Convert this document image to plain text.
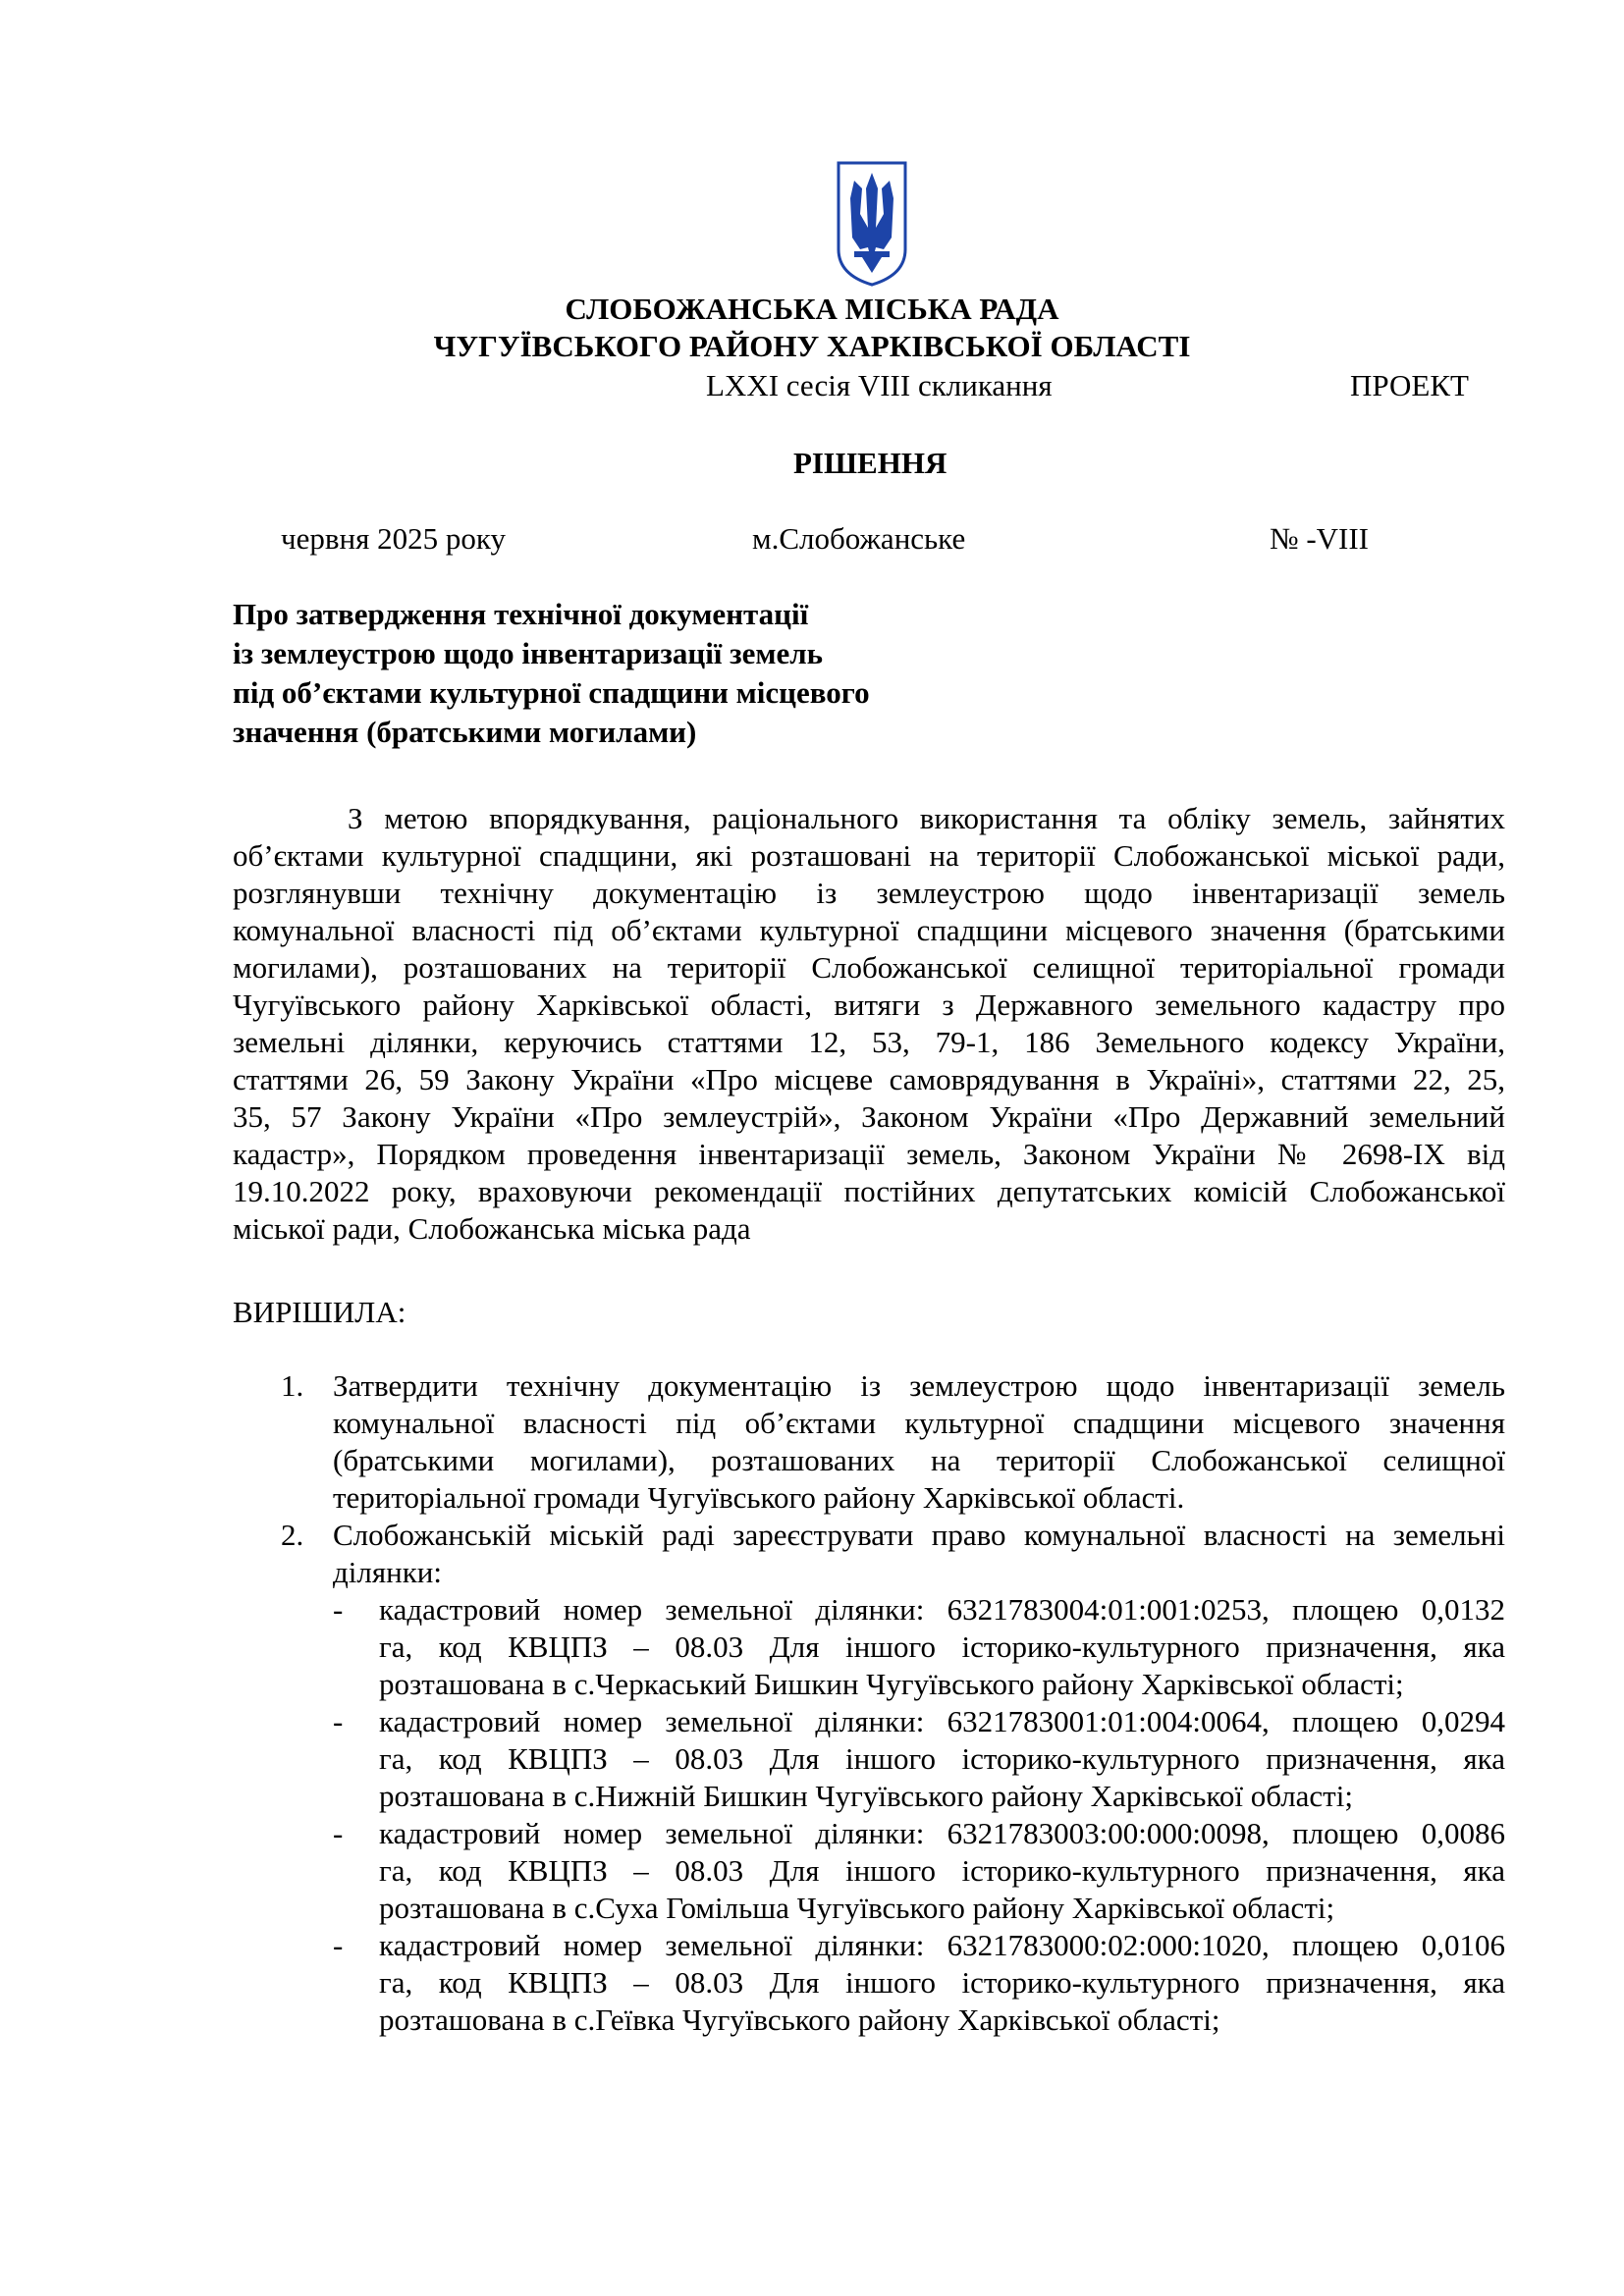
СЛОБОЖАНСЬКА МІСЬКА РАДА
ЧУГУЇВСЬКОГО РАЙОНУ ХАРКІВСЬКОЇ ОБЛАСТІ
LXXI сесія VIII скликання	ПРОЕКТ
РІШЕННЯ
червня 2025 року	м.Слобожанське	№ -VIII
Про затвердження технічної документації
із землеустрою щодо інвентаризації земель
під об’єктами культурної спадщини місцевого
значення (братськими могилами)
З метою впорядкування, раціонального використання та обліку земель, зайнятих
об’єктами культурної спадщини, які розташовані на території Слобожанської міської ради,
розглянувши технічну документацію із землеустрою щодо інвентаризації земель
комунальної власності під об’єктами культурної спадщини місцевого значення (братськими
могилами), розташованих на території Слобожанської селищної територіальної громади
Чугуївського району Харківської області, витяги з Державного земельного кадастру про
земельні ділянки, керуючись статтями 12, 53, 79-1, 186 Земельного кодексу України,
статтями 26, 59 Закону України «Про місцеве самоврядування в Україні», статтями 22, 25,
35, 57 Закону України «Про землеустрій», Законом України «Про Державний земельний
кадастр», Порядком проведення інвентаризації земель, Законом України № 2698-IX від
19.10.2022 року, враховуючи рекомендації постійних депутатських комісій Слобожанської
міської ради, Слобожанська міська рада
ВИРІШИЛА:
1. Затвердити технічну документацію із землеустрою щодо інвентаризації земель
комунальної власності під об’єктами культурної спадщини місцевого значення
(братськими могилами), розташованих на території Слобожанської селищної
територіальної громади Чугуївського району Харківської області.
2. Слобожанській міській раді зареєструвати право комунальної власності на земельні
ділянки:
- кадастровий номер земельної ділянки: 6321783004:01:001:0253, площею 0,0132
га, код КВЦПЗ – 08.03 Для іншого історико-культурного призначення, яка
розташована в с.Черкаський Бишкин Чугуївського району Харківської області;
- кадастровий номер земельної ділянки: 6321783001:01:004:0064, площею 0,0294
га, код КВЦПЗ – 08.03 Для іншого історико-культурного призначення, яка
розташована в с.Нижній Бишкин Чугуївського району Харківської області;
- кадастровий номер земельної ділянки: 6321783003:00:000:0098, площею 0,0086
га, код КВЦПЗ – 08.03 Для іншого історико-культурного призначення, яка
розташована в с.Суха Гомільша Чугуївського району Харківської області;
- кадастровий номер земельної ділянки: 6321783000:02:000:1020, площею 0,0106
га, код КВЦПЗ – 08.03 Для іншого історико-культурного призначення, яка
розташована в с.Геївка Чугуївського району Харківської області;
